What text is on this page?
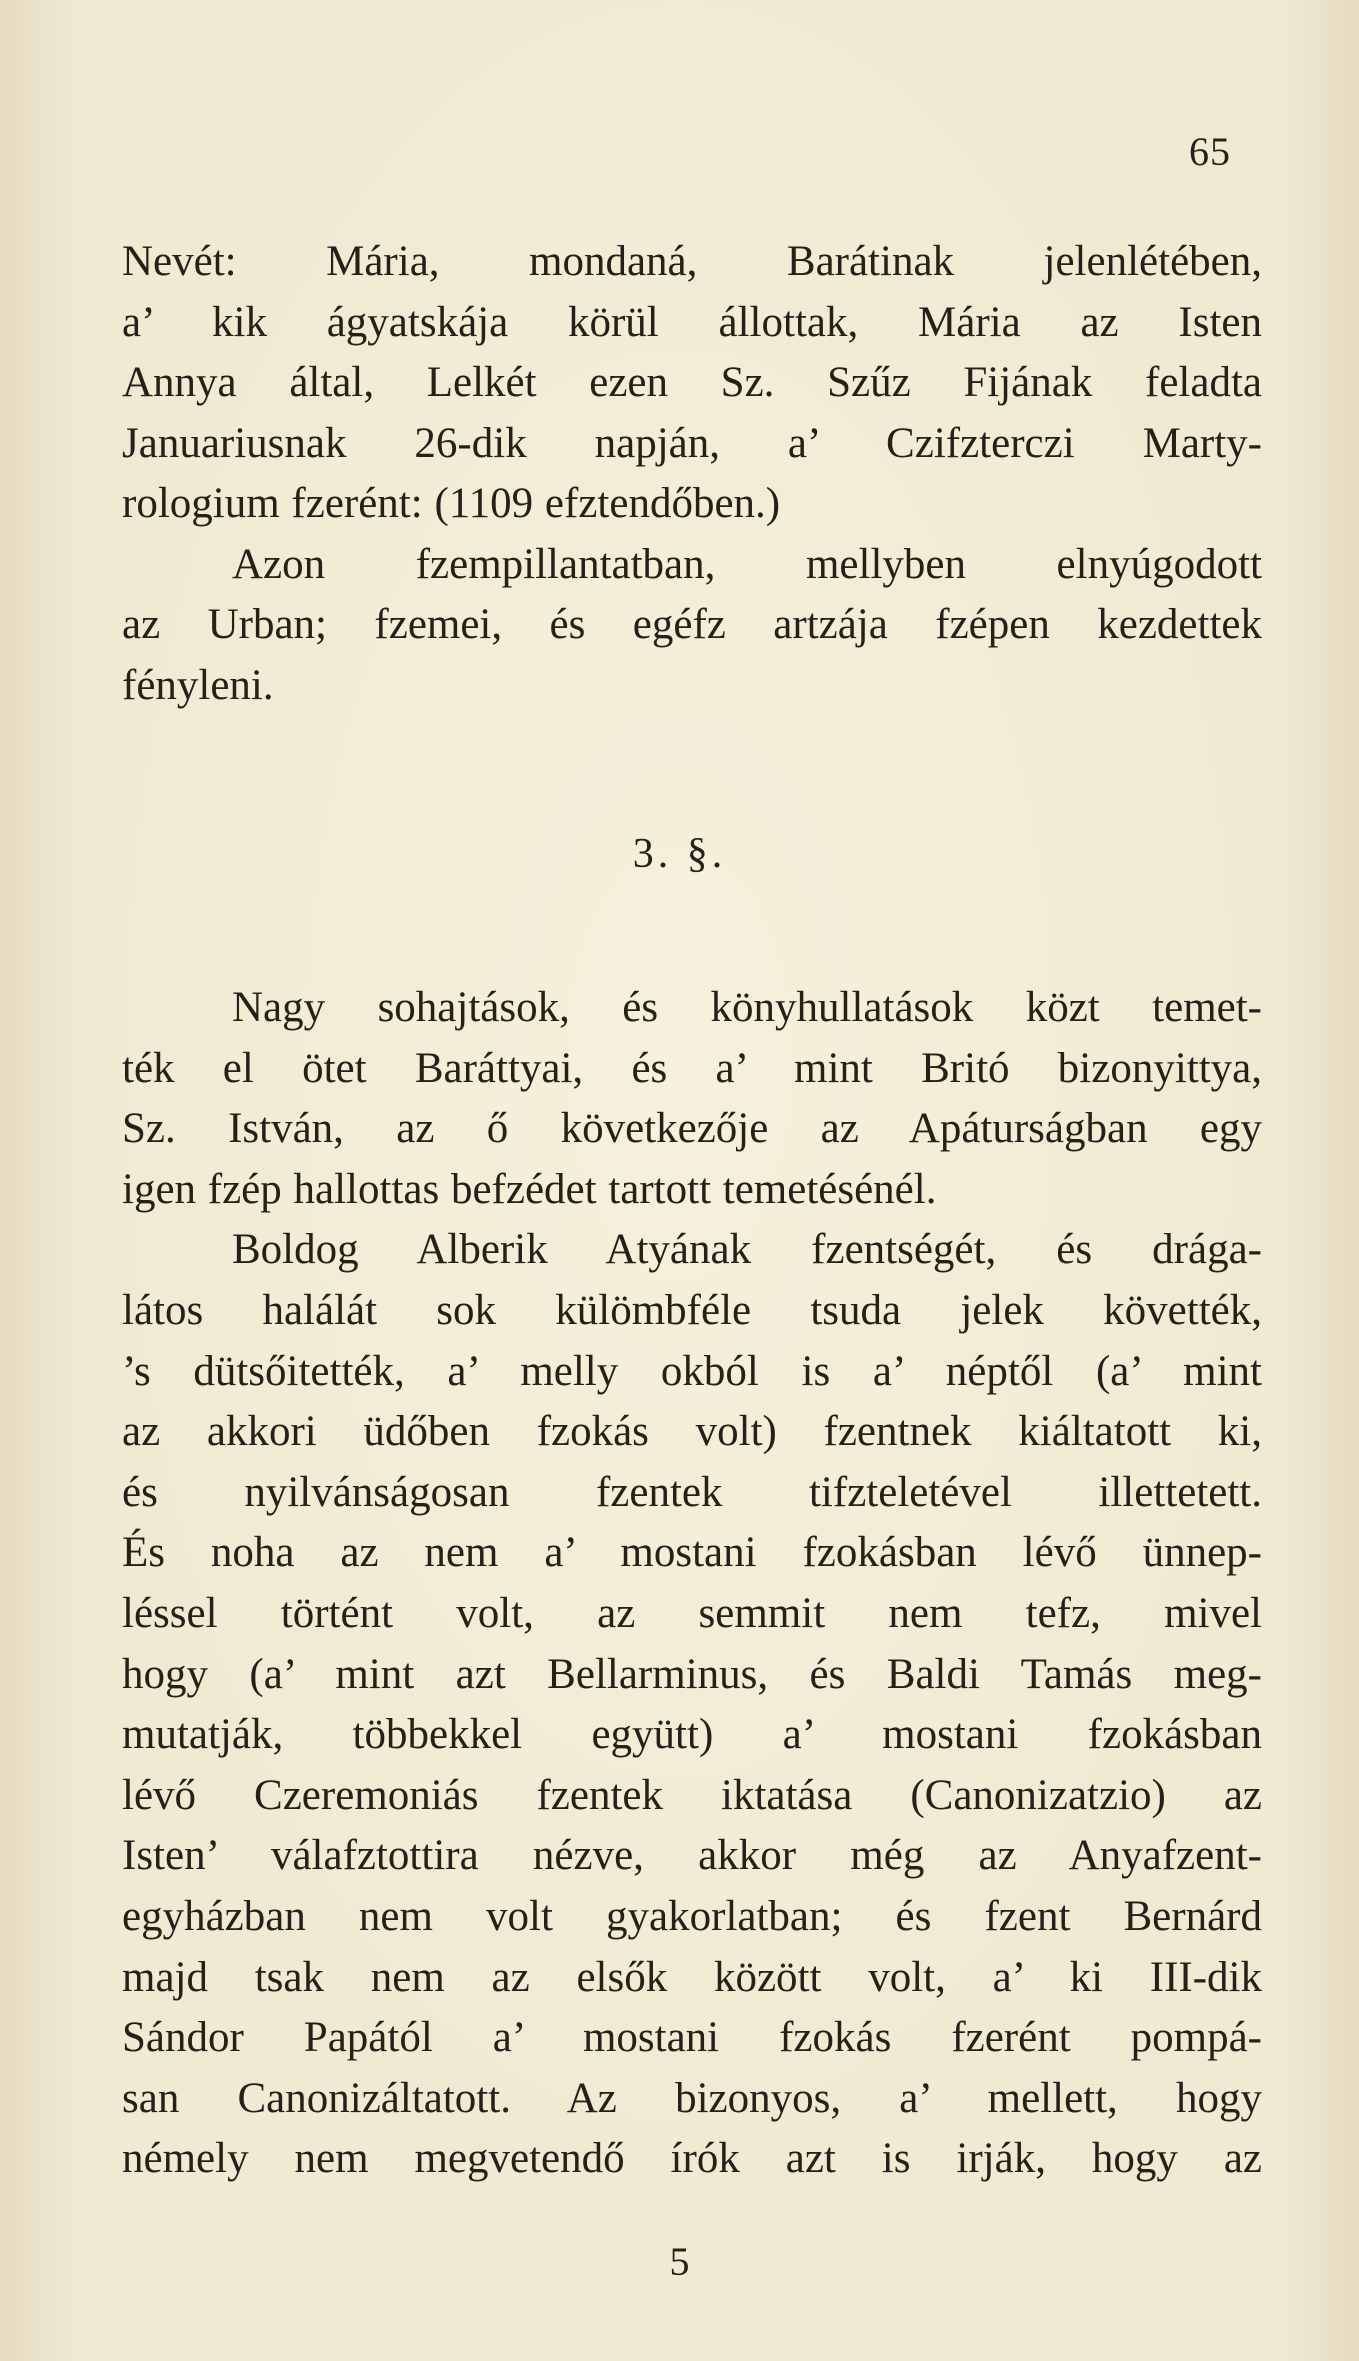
65
Nevét: Mária, mondaná, Barátinak jelenlétében,
a’ kik ágyatskája körül állottak, Mária az Isten
Annya által, Lelkét ezen Sz. Szűz Fijának feladta
Januariusnak 26-dik napján, a’ Czifzterczi Marty-
rologium fzerént: (1109 efztendőben.)
Azon fzempillantatban, mellyben elnyúgodott
az Urban; fzemei, és egéfz artzája fzépen kezdettek
fényleni.
3. §.
Nagy sohajtások, és könyhullatások közt temet-
ték el ötet Baráttyai, és a’ mint Britó bizonyittya,
Sz. István, az ő következője az Apáturságban egy
igen fzép hallottas befzédet tartott temetésénél.
Boldog Alberik Atyának fzentségét, és drága-
látos halálát sok külömbféle tsuda jelek követték,
’s dütsőitették, a’ melly okból is a’ néptől (a’ mint
az akkori üdőben fzokás volt) fzentnek kiáltatott ki,
és nyilvánságosan fzentek tifzteletével illettetett.
És noha az nem a’ mostani fzokásban lévő ünnep-
léssel történt volt, az semmit nem tefz, mivel
hogy (a’ mint azt Bellarminus, és Baldi Tamás meg-
mutatják, többekkel együtt) a’ mostani fzokásban
lévő Czeremoniás fzentek iktatása (Canonizatzio) az
Isten’ válafztottira nézve, akkor még az Anyafzent-
egyházban nem volt gyakorlatban; és fzent Bernárd
majd tsak nem az elsők között volt, a’ ki III-dik
Sándor Papától a’ mostani fzokás fzerént pompá-
san Canonizáltatott. Az bizonyos, a’ mellett, hogy
némely nem megvetendő írók azt is irják, hogy az
5
